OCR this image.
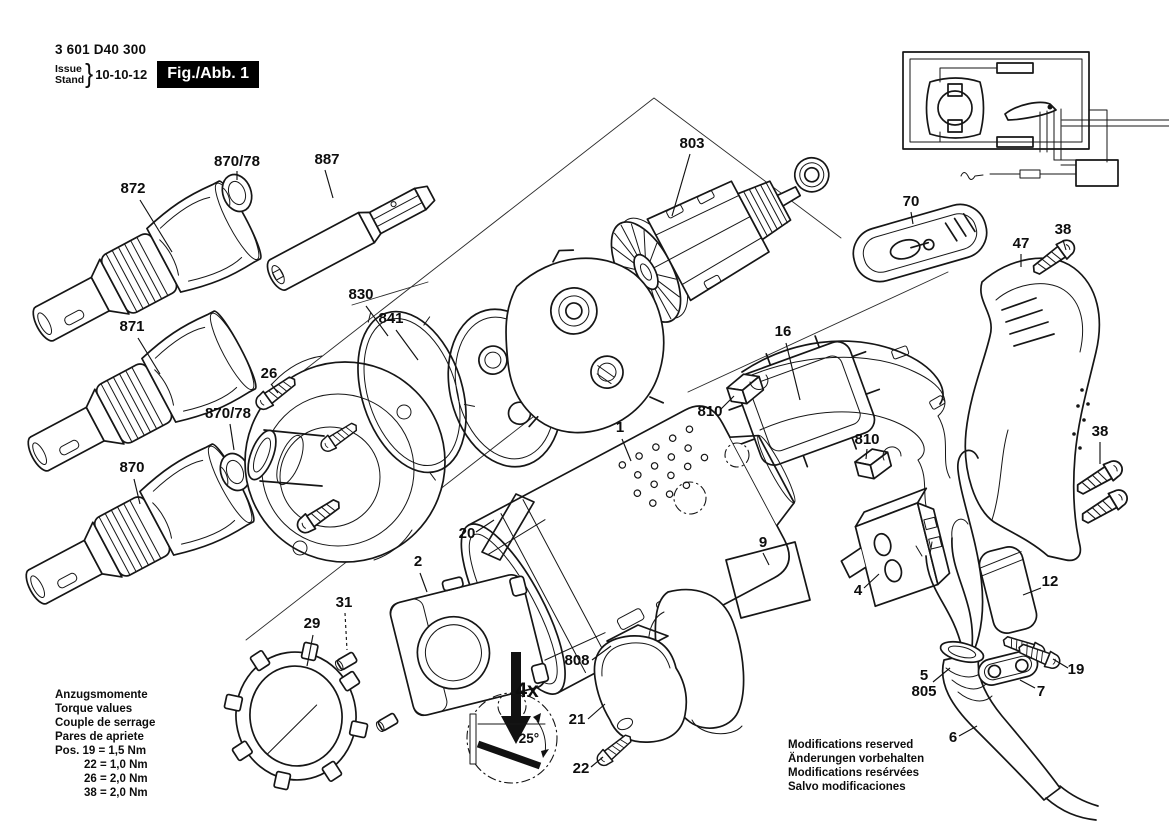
872
870/78	887
803
830
841
871
26
870/78
870
1
2
31
29
20
808
21
22
16
810
810
70
47
38
38
9
4
12
5
805
6
7
19
4x
25°
3 601 D40 300
Issue
Stand } 10-10-12	Fig./Abb. 1
Anzugsmomente
Torque values
Couple de serrage
Pares de apriete
Pos. 19 = 1,5 Nm
22 = 1,0 Nm
26 = 2,0 Nm
38 = 2,0 Nm
Modifications reserved
Änderungen vorbehalten
Modifications resérvées
Salvo modificaciones
